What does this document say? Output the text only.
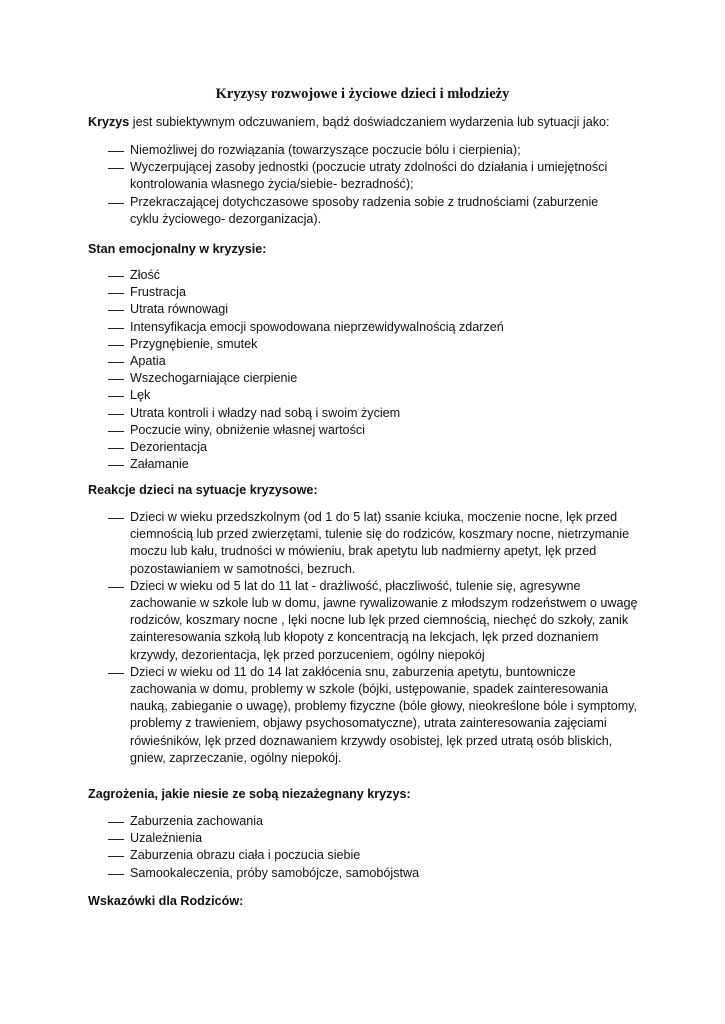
Kryzysy rozwojowe i życiowe dzieci i młodzieży

Kryzys jest subiektywnym odczuwaniem, bądź doświadczaniem wydarzenia lub sytuacji jako:

Niemożliwej do rozwiązania (towarzyszące poczucie bólu i cierpienia);
Wyczerpującej zasoby jednostki (poczucie utraty zdolności do działania i umiejętności kontrolowania własnego życia/siebie- bezradność);
Przekraczającej dotychczasowe sposoby radzenia sobie z trudnościami (zaburzenie cyklu życiowego- dezorganizacja).

Stan emocjonalny w kryzysie:

Złość
Frustracja
Utrata równowagi
Intensyfikacja emocji spowodowana nieprzewidywalnością zdarzeń
Przygnębienie, smutek
Apatia
Wszechogarniające cierpienie
Lęk
Utrata kontroli i władzy nad sobą i swoim życiem
Poczucie winy, obniżenie własnej wartości
Dezorientacja
Załamanie

Reakcje dzieci na sytuacje kryzysowe:

Dzieci w wieku przedszkolnym (od 1 do 5 lat) ssanie kciuka, moczenie nocne, lęk przed ciemnością lub przed zwierzętami, tulenie się do rodziców, koszmary nocne, nietrzymanie moczu lub kału, trudności w mówieniu, brak apetytu lub nadmierny apetyt, lęk przed pozostawianiem w samotności, bezruch.
Dzieci w wieku od 5 lat do 11 lat - drażliwość, płaczliwość, tulenie się, agresywne zachowanie w szkole lub w domu, jawne rywalizowanie z młodszym rodzeństwem o uwagę rodziców, koszmary nocne , lęki nocne lub lęk przed ciemnością, niechęć do szkoły, zanik zainteresowania szkołą lub kłopoty z koncentracją na lekcjach, lęk przed doznaniem krzywdy, dezorientacja, lęk przed porzuceniem, ogólny niepokój
Dzieci w wieku od 11 do 14 lat zakłócenia snu, zaburzenia apetytu, buntownicze zachowania w domu, problemy w szkole (bójki, ustępowanie, spadek zainteresowania nauką, zabieganie o uwagę), problemy fizyczne (bóle głowy, nieokreślone bóle i symptomy, problemy z trawieniem, objawy psychosomatyczne), utrata zainteresowania zajęciami rówieśników, lęk przed doznawaniem krzywdy osobistej, lęk przed utratą osób bliskich, gniew, zaprzeczanie, ogólny niepokój.

Zagrożenia, jakie niesie ze sobą niezażegnany kryzys:

Zaburzenia zachowania
Uzależnienia
Zaburzenia obrazu ciała i poczucia siebie
Samookaleczenia, próby samobójcze, samobójstwa

Wskazówki dla Rodziców:
